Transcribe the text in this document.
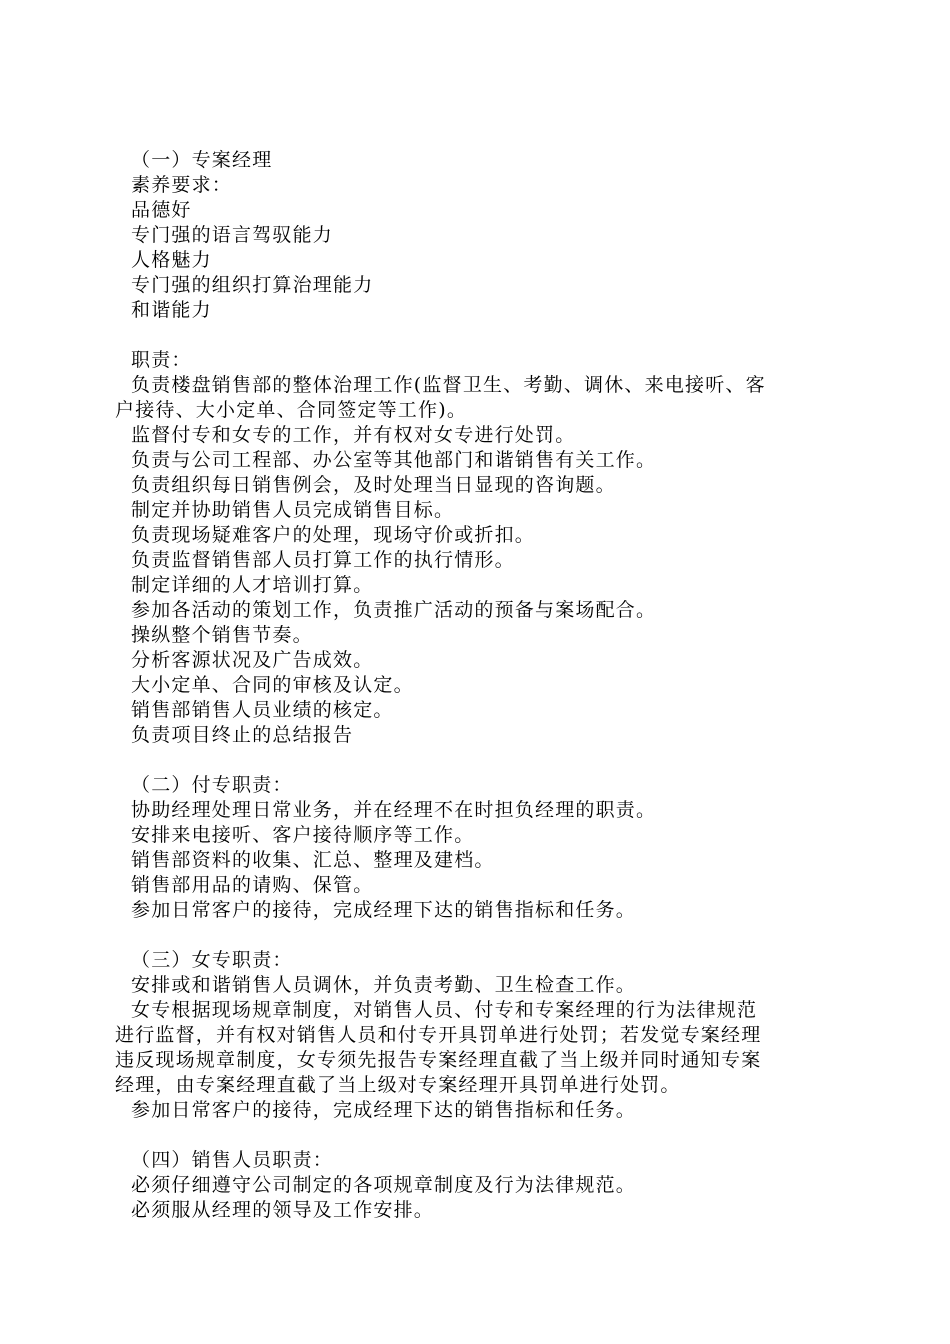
（一）专案经理
素养要求：
品德好
专门强的语言驾驭能力
人格魅力
专门强的组织打算治理能力
和谐能力
职责：
负责楼盘销售部的整体治理工作(监督卫生、考勤、调休、来电接听、客
户接待、大小定单、合同签定等工作)。
监督付专和女专的工作，并有权对女专进行处罚。
负责与公司工程部、办公室等其他部门和谐销售有关工作。
负责组织每日销售例会，及时处理当日显现的咨询题。
制定并协助销售人员完成销售目标。
负责现场疑难客户的处理，现场守价或折扣。
负责监督销售部人员打算工作的执行情形。
制定详细的人才培训打算。
参加各活动的策划工作，负责推广活动的预备与案场配合。
操纵整个销售节奏。
分析客源状况及广告成效。
大小定单、合同的审核及认定。
销售部销售人员业绩的核定。
负责项目终止的总结报告
（二）付专职责：
协助经理处理日常业务，并在经理不在时担负经理的职责。
安排来电接听、客户接待顺序等工作。
销售部资料的收集、汇总、整理及建档。
销售部用品的请购、保管。
参加日常客户的接待，完成经理下达的销售指标和任务。
（三）女专职责：
安排或和谐销售人员调休，并负责考勤、卫生检查工作。
女专根据现场规章制度，对销售人员、付专和专案经理的行为法律规范
进行监督，并有权对销售人员和付专开具罚单进行处罚；若发觉专案经理
违反现场规章制度，女专须先报告专案经理直截了当上级并同时通知专案
经理，由专案经理直截了当上级对专案经理开具罚单进行处罚。
参加日常客户的接待，完成经理下达的销售指标和任务。
（四）销售人员职责：
必须仔细遵守公司制定的各项规章制度及行为法律规范。
必须服从经理的领导及工作安排。
